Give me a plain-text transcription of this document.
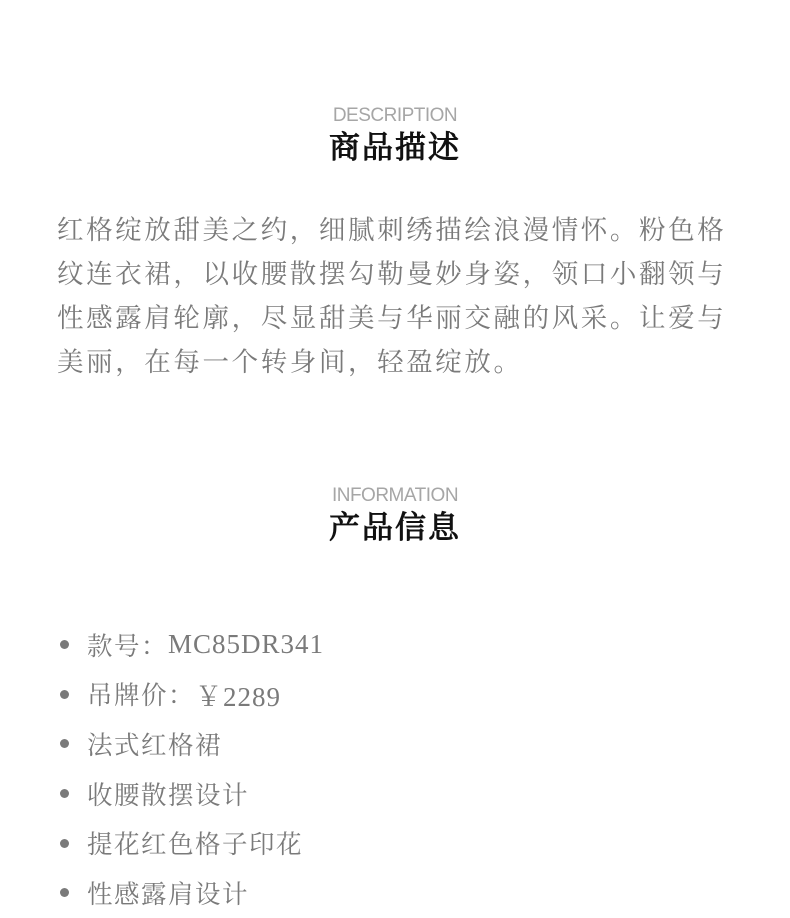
DESCRIPTION
商品描述

红格绽放甜美之约，细腻刺绣描绘浪漫情怀。粉色格纹连衣裙，以收腰散摆勾勒曼妙身姿，领口小翻领与性感露肩轮廓，尽显甜美与华丽交融的风采。让爱与美丽，在每一个转身间，轻盈绽放。

INFORMATION
产品信息
款号： MC85DR341
吊牌价： ￥2289
法式红格裙
收腰散摆设计
提花红色格子印花
性感露肩设计
